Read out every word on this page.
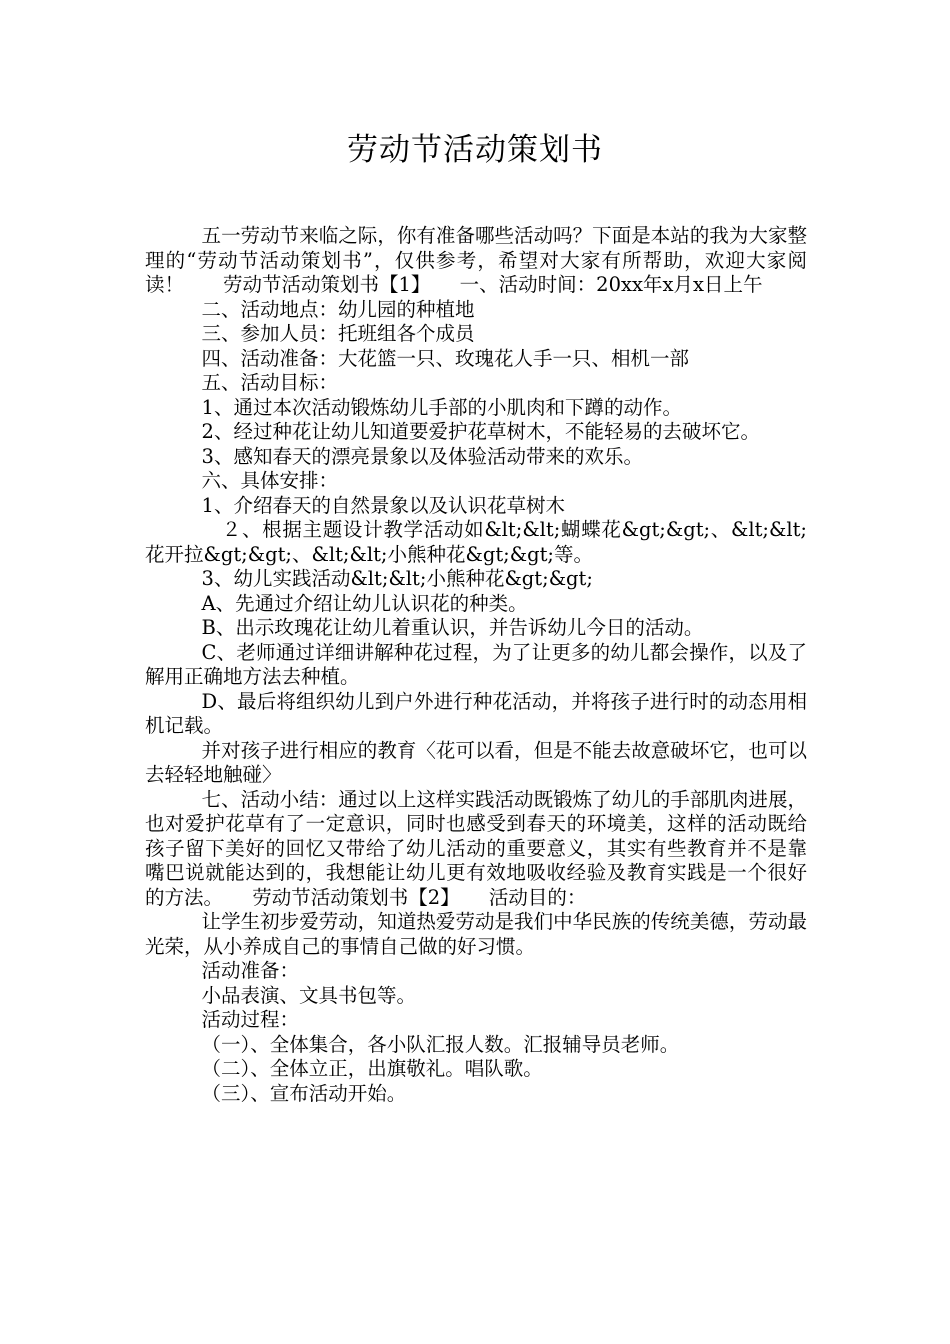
劳动节活动策划书

五一劳动节来临之际，你有准备哪些活动吗？下面是本站的我为大家整理的“劳动节活动策划书”，仅供参考，希望对大家有所帮助，欢迎大家阅读！　　劳动节活动策划书【1】　　一、活动时间：20xx年x月x日上午

二、活动地点：幼儿园的种植地

三、参加人员：托班组各个成员

四、活动准备：大花篮一只、玫瑰花人手一只、相机一部

五、活动目标：

1、通过本次活动锻炼幼儿手部的小肌肉和下蹲的动作。

2、经过种花让幼儿知道要爱护花草树木，不能轻易的去破坏它。

3、感知春天的漂亮景象以及体验活动带来的欢乐。

六、具体安排：

1、介绍春天的自然景象以及认识花草树木

　２、根据主题设计教学活动如&lt;&lt;蝴蝶花&gt;&gt;、&lt;&lt;花开拉&gt;&gt;、&lt;&lt;小熊种花&gt;&gt;等。

3、幼儿实践活动&lt;&lt;小熊种花&gt;&gt;

A、先通过介绍让幼儿认识花的种类。

B、出示玫瑰花让幼儿着重认识，并告诉幼儿今日的活动。

C、老师通过详细讲解种花过程，为了让更多的幼儿都会操作，以及了解用正确地方法去种植。

D、最后将组织幼儿到户外进行种花活动，并将孩子进行时的动态用相机记载。

并对孩子进行相应的教育〈花可以看，但是不能去故意破坏它，也可以去轻轻地触碰〉

七、活动小结：通过以上这样实践活动既锻炼了幼儿的手部肌肉进展，也对爱护花草有了一定意识，同时也感受到春天的环境美，这样的活动既给孩子留下美好的回忆又带给了幼儿活动的重要意义，其实有些教育并不是靠嘴巴说就能达到的，我想能让幼儿更有效地吸收经验及教育实践是一个很好的方法。　　劳动节活动策划书【2】　　活动目的：

让学生初步爱劳动，知道热爱劳动是我们中华民族的传统美德，劳动最光荣，从小养成自己的事情自己做的好习惯。

活动准备：

小品表演、文具书包等。

活动过程：

（一）、全体集合，各小队汇报人数。汇报辅导员老师。

（二）、全体立正，出旗敬礼。唱队歌。

（三）、宣布活动开始。
